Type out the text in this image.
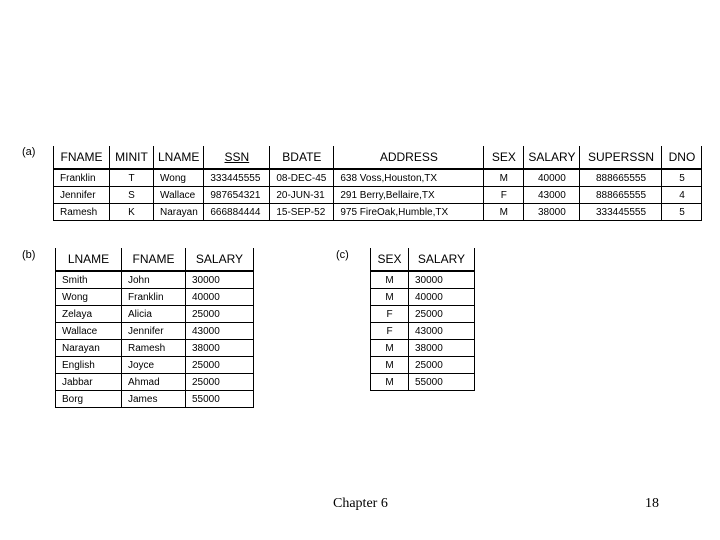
(a) FNAME	MINIT	LNAME	SSN	BDATE	ADDRESS	SEX	SALARY	SUPERSSN	DNO
Franklin	T	Wong	333445555	08-DEC-45	638 Voss,Houston,TX	M	40000	888665555	5
Jennifer	S	Wallace	987654321	20-JUN-31	291 Berry,Bellaire,TX	F	43000	888665555	4
Ramesh	K	Narayan	666884444	15-SEP-52	975 FireOak,Humble,TX	M	38000	333445555	5
(b)	LNAME	FNAME	SALARY
Smith	John	30000
Wong	Franklin	40000
Zelaya	Alicia	25000
Wallace	Jennifer	43000
Narayan	Ramesh	38000
English	Joyce	25000
Jabbar	Ahmad	25000
Borg	James	55000
(c) SEX	SALARY
M	30000
M	40000
F	25000
F	43000
M	38000
M	25000
M	55000
Chapter 6	18
